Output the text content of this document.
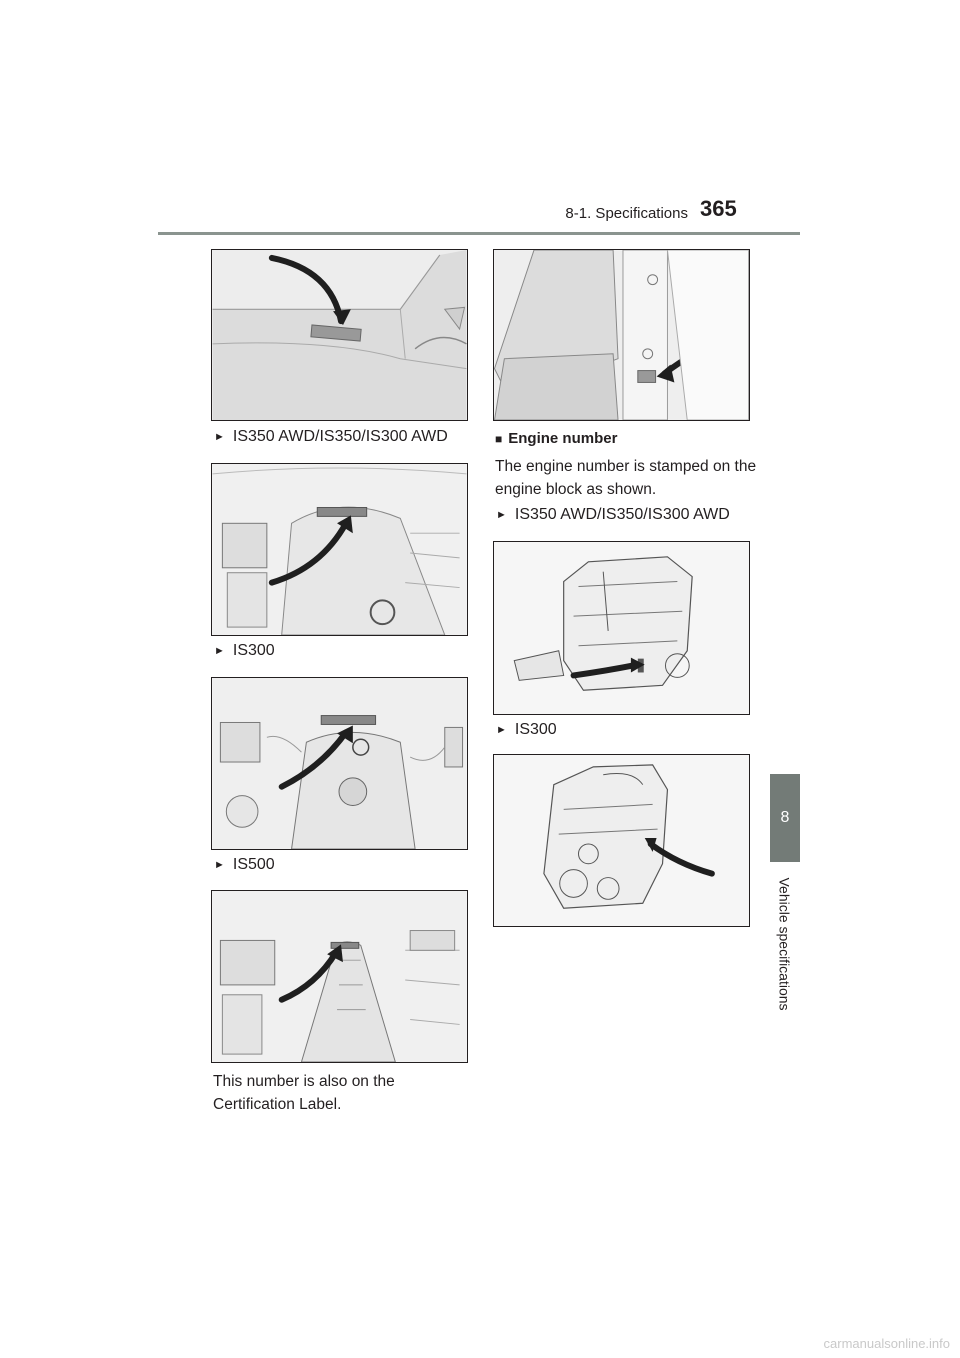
8-1. Specifications 365
8
Vehicle specifications
► IS350 AWD/IS350/IS300 AWD
► IS300
► IS500
This number is also on the Certification Label.
■ Engine number
The engine number is stamped on the engine block as shown.
► IS350 AWD/IS350/IS300 AWD
► IS300
carmanualsonline.info
